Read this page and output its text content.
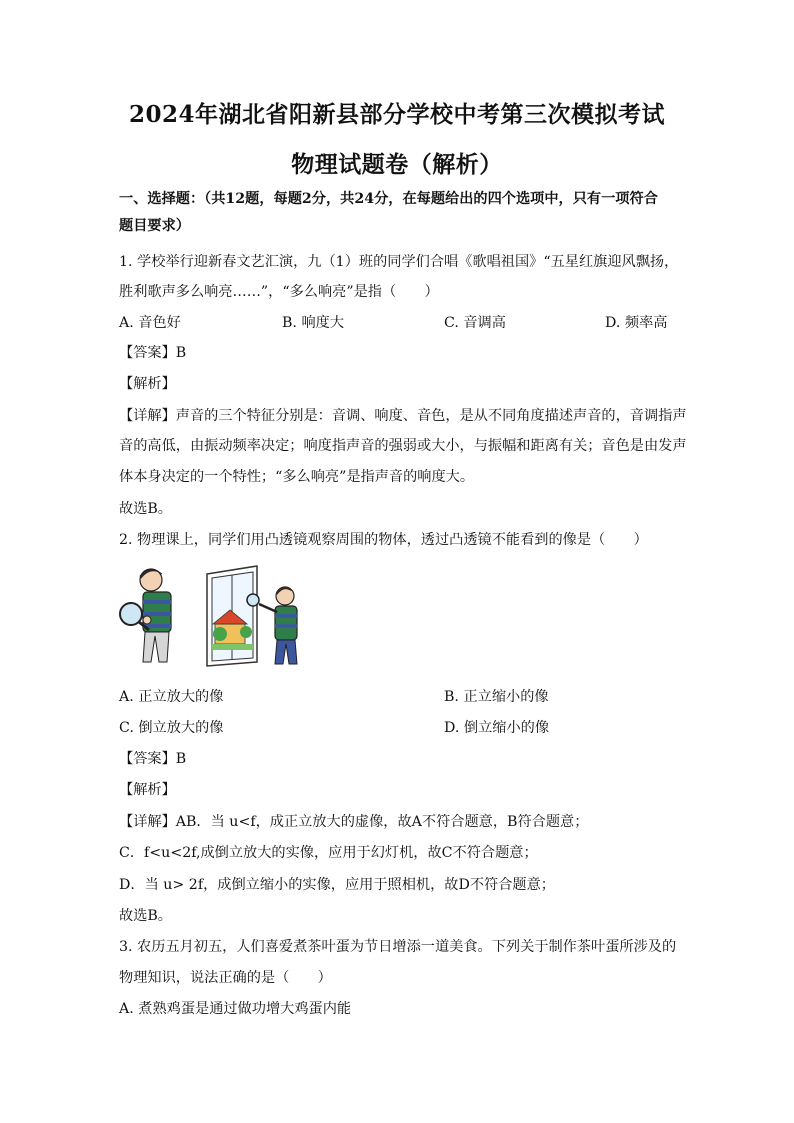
2024年湖北省阳新县部分学校中考第三次模拟考试
物理试题卷（解析）
一、选择题：（共12题，每题2分，共24分，在每题给出的四个选项中，只有一项符合
题目要求）
1. 学校举行迎新春文艺汇演，九（1）班的同学们合唱《歌唱祖国》“五星红旗迎风飘扬，
胜利歌声多么响亮……”，“多么响亮”是指（　　）
A. 音色好	B. 响度大	C. 音调高	D. 频率高
【答案】B
【解析】
【详解】声音的三个特征分别是：音调、响度、音色，是从不同角度描述声音的，音调指声
音的高低，由振动频率决定；响度指声音的强弱或大小，与振幅和距离有关；音色是由发声
体本身决定的一个特性；“多么响亮”是指声音的响度大。
故选B。
2. 物理课上，同学们用凸透镜观察周围的物体，透过凸透镜不能看到的像是（　　）
A. 正立放大的像	B. 正立缩小的像
C. 倒立放大的像	D. 倒立缩小的像
【答案】B
【解析】
【详解】AB．当 u<f，成正立放大的虚像，故A不符合题意，B符合题意；
C．f<u<2f,成倒立放大的实像，应用于幻灯机，故C不符合题意；
D．当 u> 2f，成倒立缩小的实像，应用于照相机，故D不符合题意；
故选B。
3. 农历五月初五，人们喜爱煮茶叶蛋为节日增添一道美食。下列关于制作茶叶蛋所涉及的
物理知识，说法正确的是（　　）
A. 煮熟鸡蛋是通过做功增大鸡蛋内能
